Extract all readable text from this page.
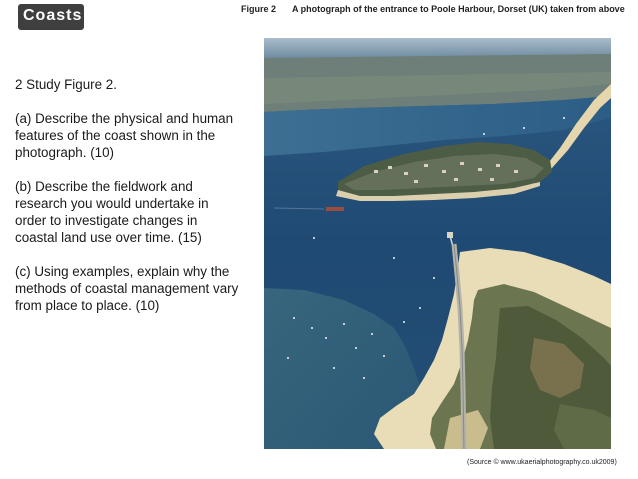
Coasts	Figure 2 A photograph of the entrance to Poole Harbour, Dorset (UK) taken from above

2 Study Figure 2.

(a) Describe the physical and human features of the coast shown in the photograph. (10)

(b) Describe the fieldwork and research you would undertake in order to investigate changes in coastal land use over time. (15)

(c) Using examples, explain why the methods of coastal management vary from place to place. (10)

(Source © www.ukaerialphotography.co.uk2009)
